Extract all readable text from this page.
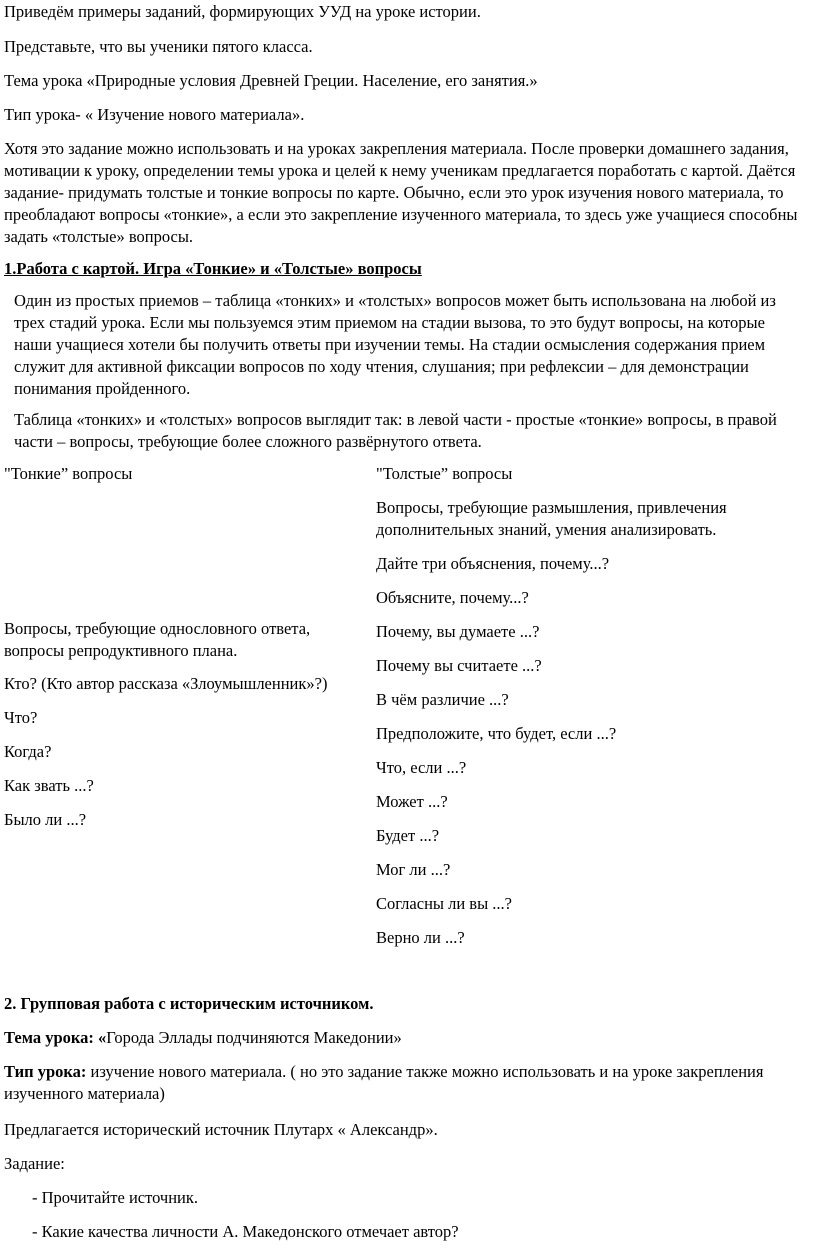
Приведём примеры заданий, формирующих УУД на уроке истории.

Представьте, что вы ученики пятого класса.

Тема урока «Природные условия Древней Греции. Население, его занятия.»

Тип урока- « Изучение нового материала».

Хотя это задание можно использовать и на уроках закрепления материала. После проверки домашнего задания, мотивации к уроку, определении темы урока и целей к нему ученикам предлагается поработать с картой. Даётся задание- придумать толстые и тонкие вопросы по карте. Обычно, если это урок изучения нового материала, то преобладают вопросы «тонкие», а если это закрепление изученного материала, то здесь уже учащиеся способны задать «толстые» вопросы.

1.Работа с картой. Игра «Тонкие» и «Толстые» вопросы

Один из простых приемов – таблица «тонких» и «толстых» вопросов может быть использована на любой из трех стадий урока. Если мы пользуемся этим приемом на стадии вызова, то это будут вопросы, на которые наши учащиеся хотели бы получить ответы при изучении темы. На стадии осмысления содержания прием служит для активной фиксации вопросов по ходу чтения, слушания; при рефлексии – для демонстрации понимания пройденного.

Таблица «тонких» и «толстых» вопросов выглядит так: в левой части - простые «тонкие» вопросы, в правой части – вопросы, требующие более сложного развёрнутого ответа.

"Тонкие” вопросы	"Толстые” вопросы

Вопросы, требующие размышления, привлечения дополнительных знаний, умения анализировать.

Дайте три объяснения, почему...?

Объясните, почему...?

Почему, вы думаете ...?

Почему вы считаете ...?

В чём различие ...?

Предположите, что будет, если ...?

Что, если ...?

Может ...?

Будет ...?

Мог ли ...?

Согласны ли вы ...?

Верно ли ...?

Вопросы, требующие однословного ответа, вопросы репродуктивного плана.

Кто? (Кто автор рассказа «Злоумышленник»?)

Что?

Когда?

Как звать ...?

Было ли ...?

2. Групповая работа с историческим источником.

Тема урока: «Города Эллады подчиняются Македонии»

Тип урока: изучение нового материала. ( но это задание также можно использовать и на уроке закрепления изученного материала)

Предлагается исторический источник Плутарх « Александр».

Задание:

- Прочитайте источник.

- Какие качества личности А. Македонского отмечает автор?
